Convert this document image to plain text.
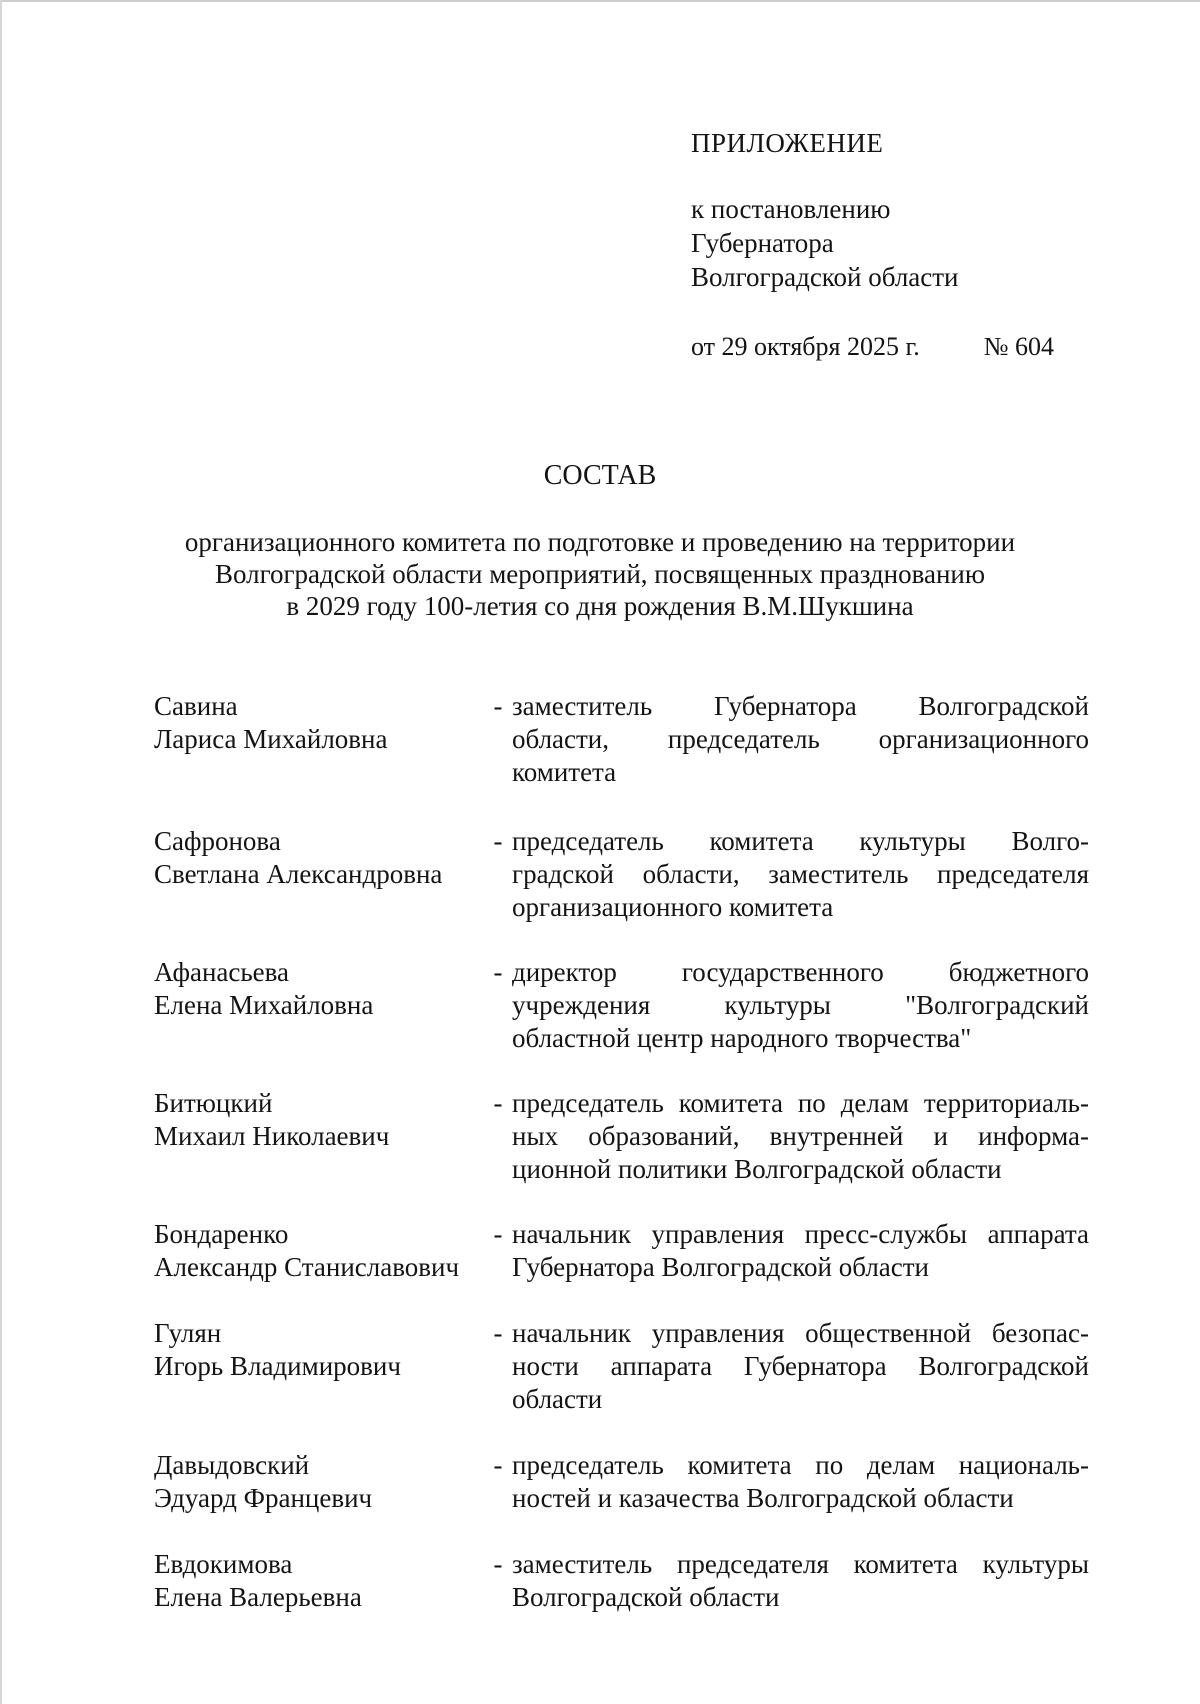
ПРИЛОЖЕНИЕ
к постановлению
Губернатора
Волгоградской области
от 29 октября 2025 г. № 604
СОСТАВ
организационного комитета по подготовке и проведению на территории
Волгоградской области мероприятий, посвященных празднованию
в 2029 году 100-летия со дня рождения В.М.Шукшина
Савина
Лариса Михайловна
- заместитель Губернатора Волгоградской
области, председатель организационного
комитета
Сафронова
Светлана Александровна
- председатель комитета культуры Волго-
градской области, заместитель председателя
организационного комитета
Афанасьева
Елена Михайловна
- директор государственного бюджетного
учреждения культуры "Волгоградский
областной центр народного творчества"
Битюцкий
Михаил Николаевич
- председатель комитета по делам территориаль-
ных образований, внутренней и информа-
ционной политики Волгоградской области
Бондаренко
Александр Станиславович
- начальник управления пресс-службы аппарата
Губернатора Волгоградской области
Гулян
Игорь Владимирович
- начальник управления общественной безопас-
ности аппарата Губернатора Волгоградской
области
Давыдовский
Эдуард Францевич
- председатель комитета по делам националь-
ностей и казачества Волгоградской области
Евдокимова
Елена Валерьевна
- заместитель председателя комитета культуры
Волгоградской области
